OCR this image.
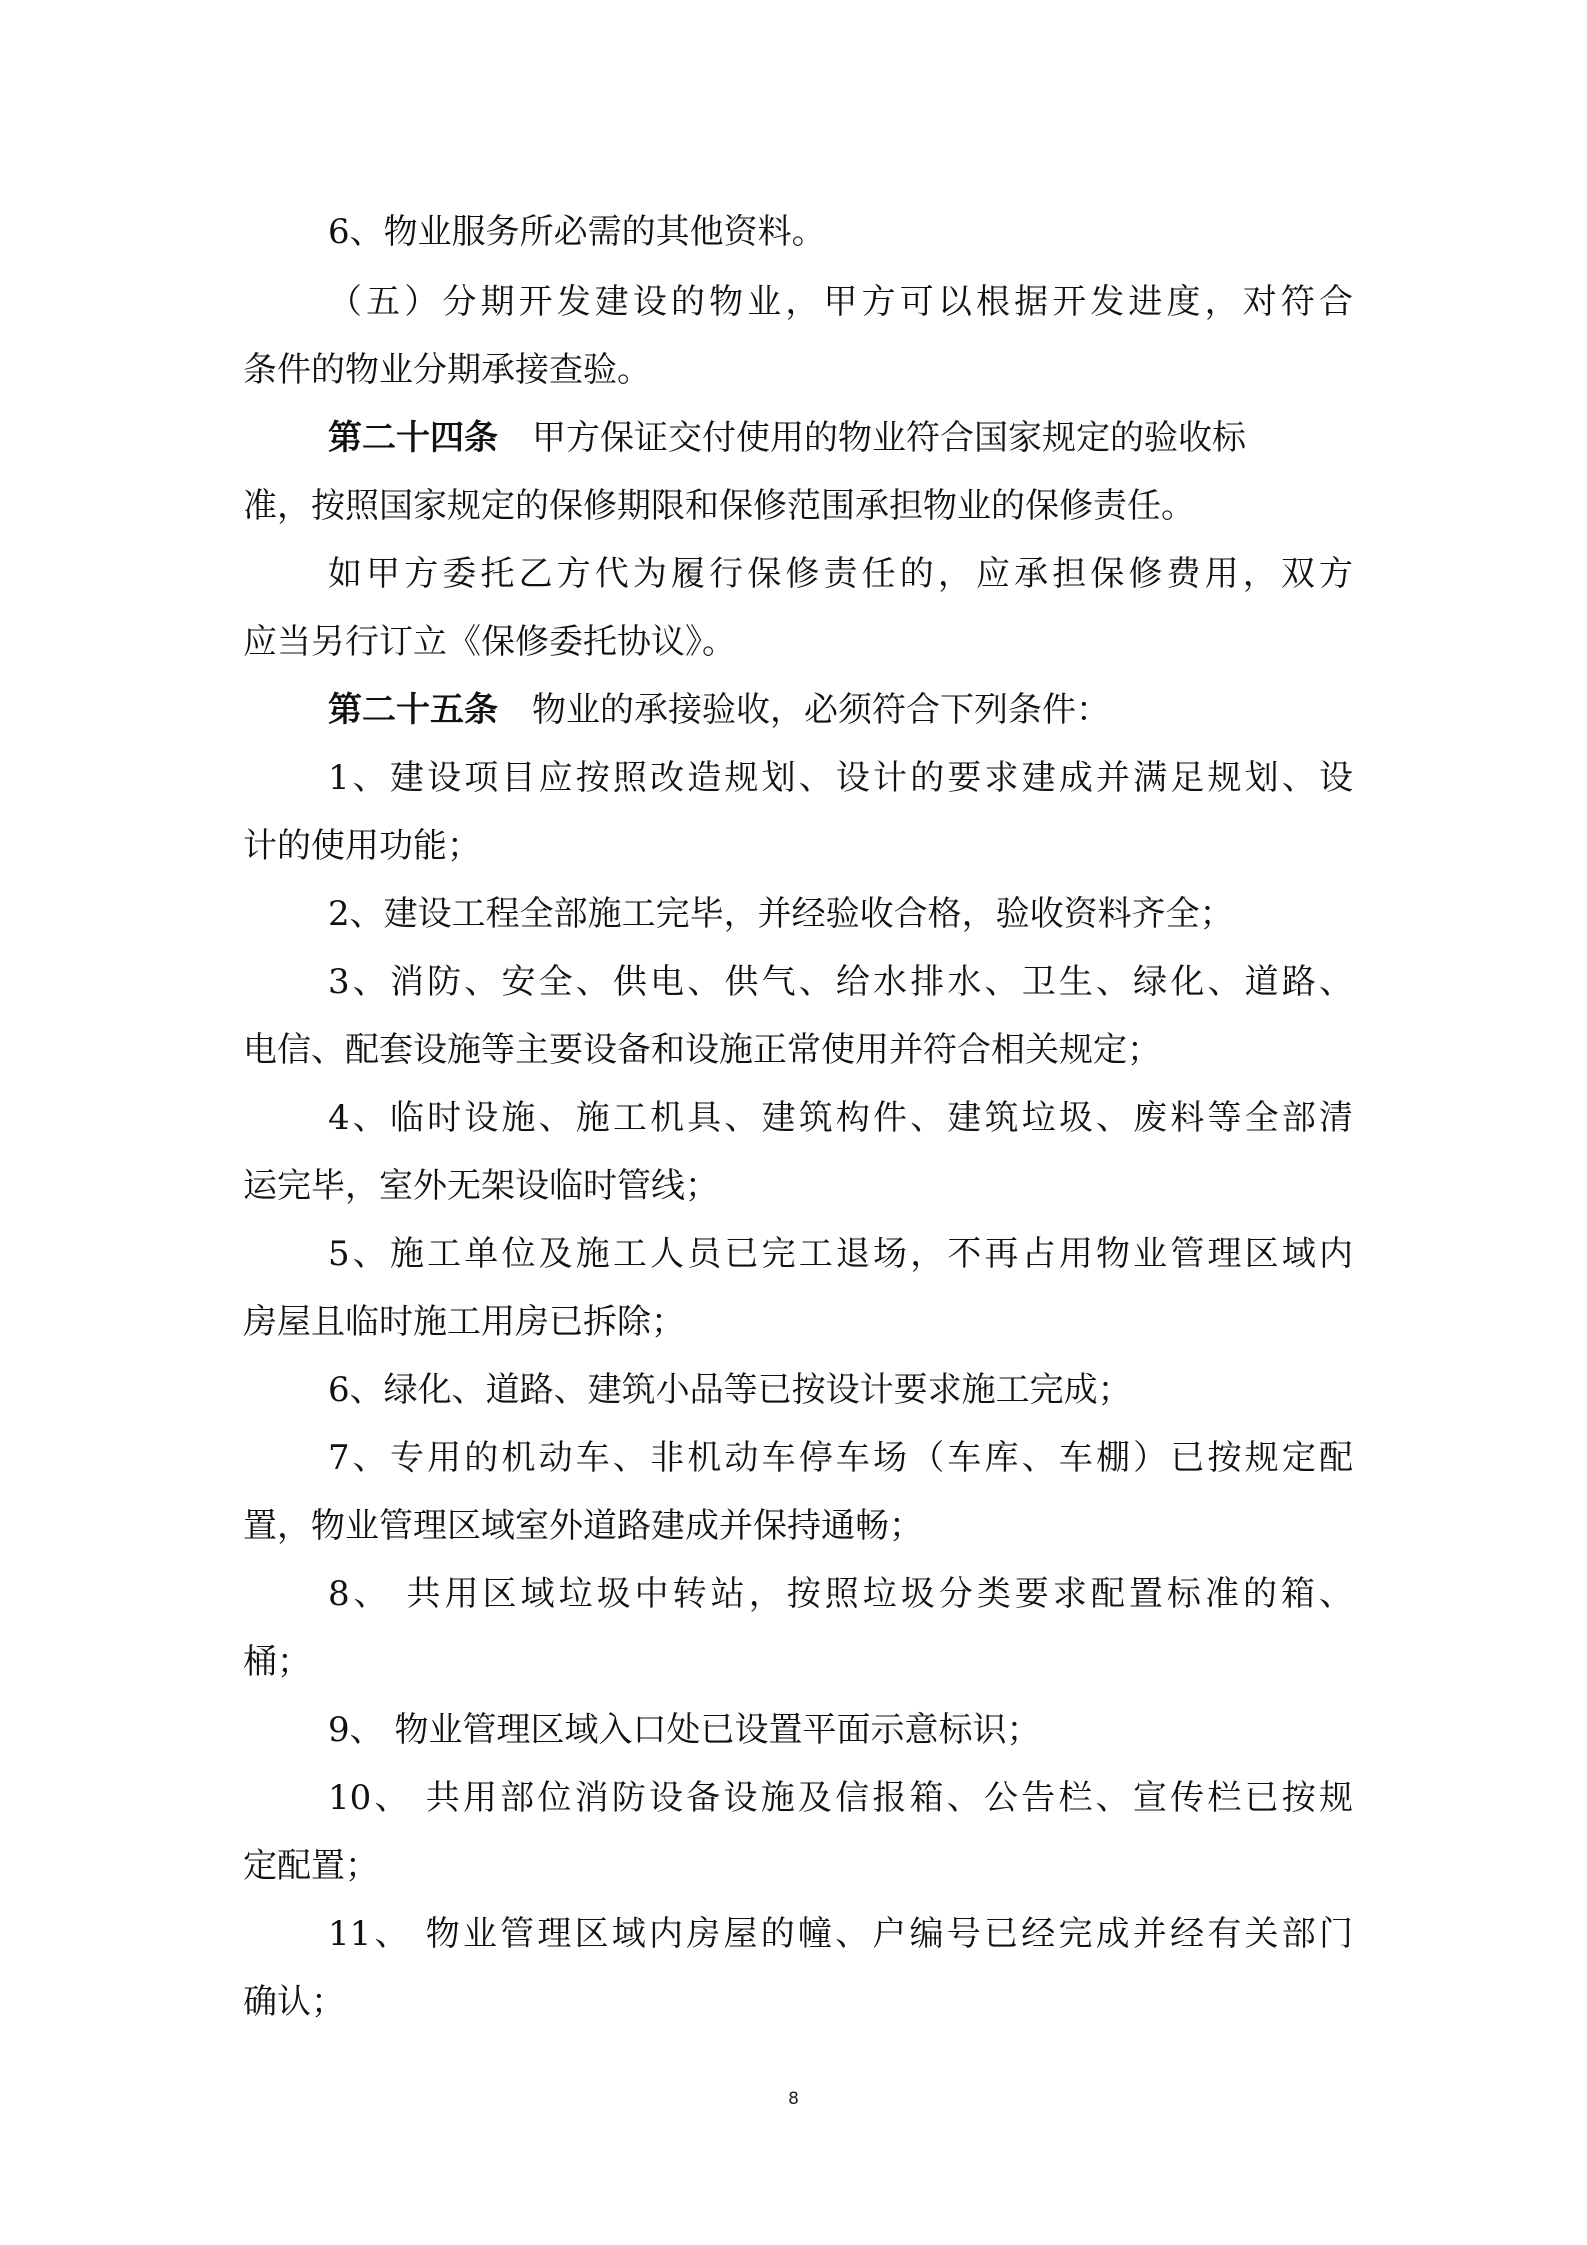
6、物业服务所必需的其他资料。
（五）分期开发建设的物业，甲方可以根据开发进度，对符合
条件的物业分期承接查验。
第二十四条 甲方保证交付使用的物业符合国家规定的验收标
准，按照国家规定的保修期限和保修范围承担物业的保修责任。
如甲方委托乙方代为履行保修责任的，应承担保修费用，双方
应当另行订立《保修委托协议》。
第二十五条 物业的承接验收，必须符合下列条件：
1、建设项目应按照改造规划、设计的要求建成并满足规划、设
计的使用功能；
2、建设工程全部施工完毕，并经验收合格，验收资料齐全；
3、消防、安全、供电、供气、给水排水、卫生、绿化、道路、
电信、配套设施等主要设备和设施正常使用并符合相关规定；
4、临时设施、施工机具、建筑构件、建筑垃圾、废料等全部清
运完毕，室外无架设临时管线；
5、施工单位及施工人员已完工退场，不再占用物业管理区域内
房屋且临时施工用房已拆除；
6、绿化、道路、建筑小品等已按设计要求施工完成；
7、专用的机动车、非机动车停车场（车库、车棚）已按规定配
置，物业管理区域室外道路建成并保持通畅；
8、 共用区域垃圾中转站，按照垃圾分类要求配置标准的箱、
桶；
9、 物业管理区域入口处已设置平面示意标识；
10、 共用部位消防设备设施及信报箱、公告栏、宣传栏已按规
定配置；
11、 物业管理区域内房屋的幢、户编号已经完成并经有关部门
确认；
8
